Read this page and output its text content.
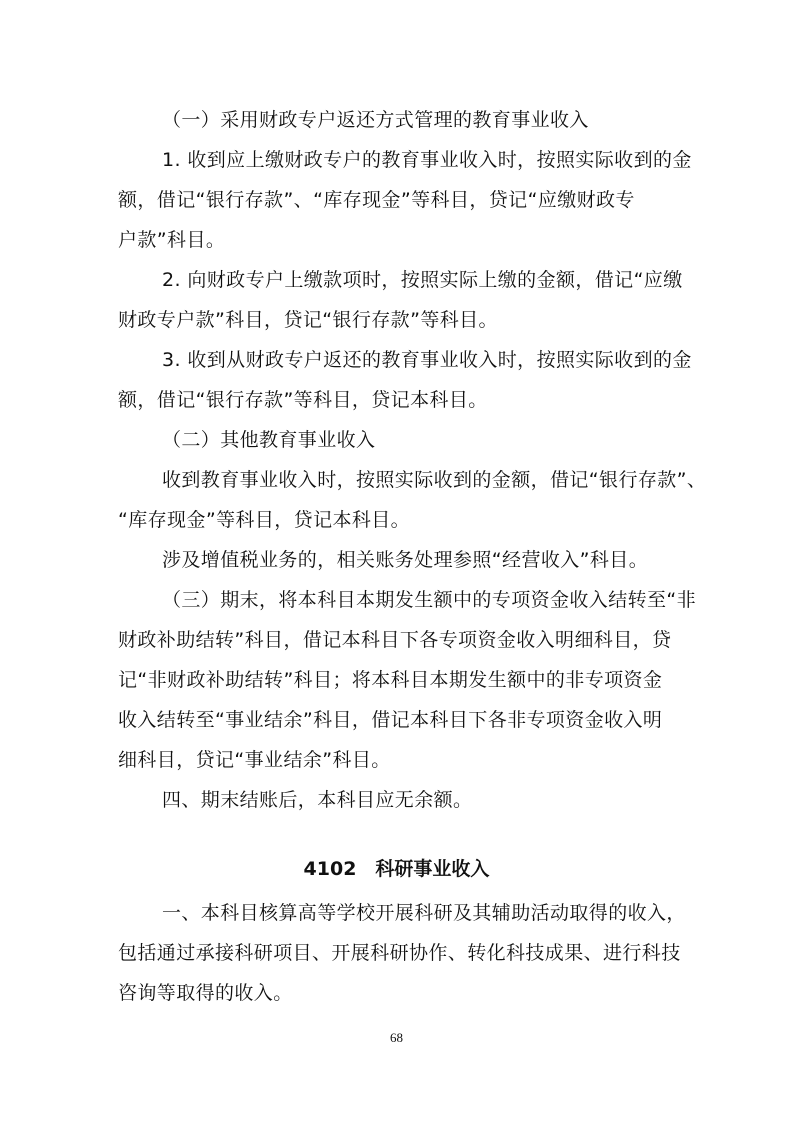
（一）采用财政专户返还方式管理的教育事业收入
1. 收到应上缴财政专户的教育事业收入时，按照实际收到的金
额，借记“银行存款”、“库存现金”等科目，贷记“应缴财政专
户款”科目。
2. 向财政专户上缴款项时，按照实际上缴的金额，借记“应缴
财政专户款”科目，贷记“银行存款”等科目。
3. 收到从财政专户返还的教育事业收入时，按照实际收到的金
额，借记“银行存款”等科目，贷记本科目。
（二）其他教育事业收入
收到教育事业收入时，按照实际收到的金额，借记“银行存款”、
“库存现金”等科目，贷记本科目。
涉及增值税业务的，相关账务处理参照“经营收入”科目。
（三）期末，将本科目本期发生额中的专项资金收入结转至“非
财政补助结转”科目，借记本科目下各专项资金收入明细科目，贷
记“非财政补助结转”科目；将本科目本期发生额中的非专项资金
收入结转至“事业结余”科目，借记本科目下各非专项资金收入明
细科目，贷记“事业结余”科目。
四、期末结账后，本科目应无余额。
4102　科研事业收入
一、本科目核算高等学校开展科研及其辅助活动取得的收入，
包括通过承接科研项目、开展科研协作、转化科技成果、进行科技
咨询等取得的收入。
68
